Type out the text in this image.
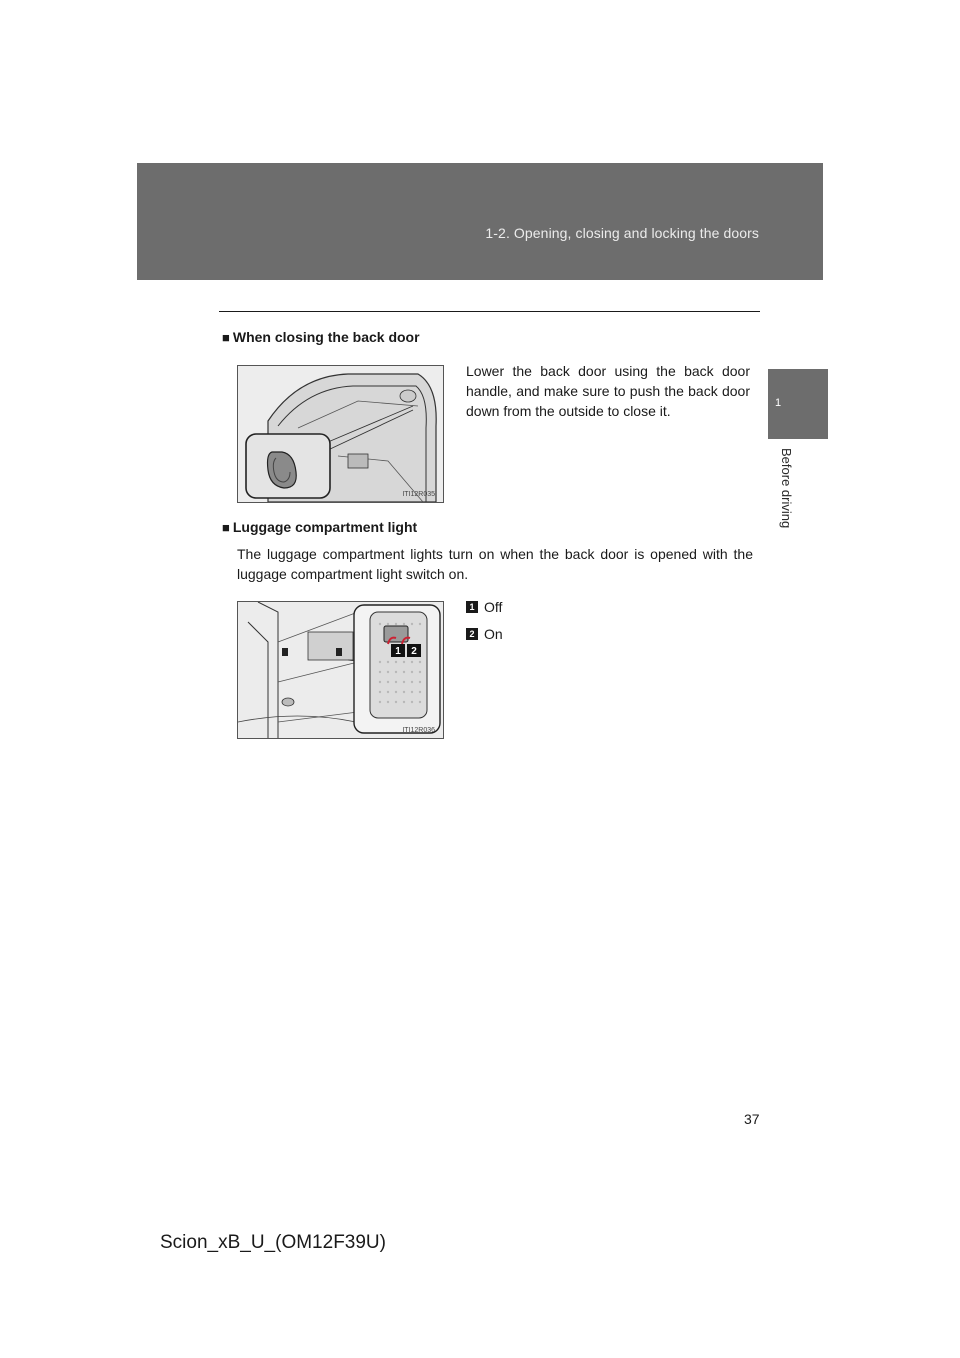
1-2. Opening, closing and locking the doors
1
Before driving
■ When closing the back door
ITI12R035
Lower the back door using the back door handle, and make sure to push the back door down from the outside to close it.
■ Luggage compartment light
The luggage compartment lights turn on when the back door is opened with the luggage compartment light switch on.
1 2
ITI12R036
1 Off
2 On
37
Scion_xB_U_(OM12F39U)
